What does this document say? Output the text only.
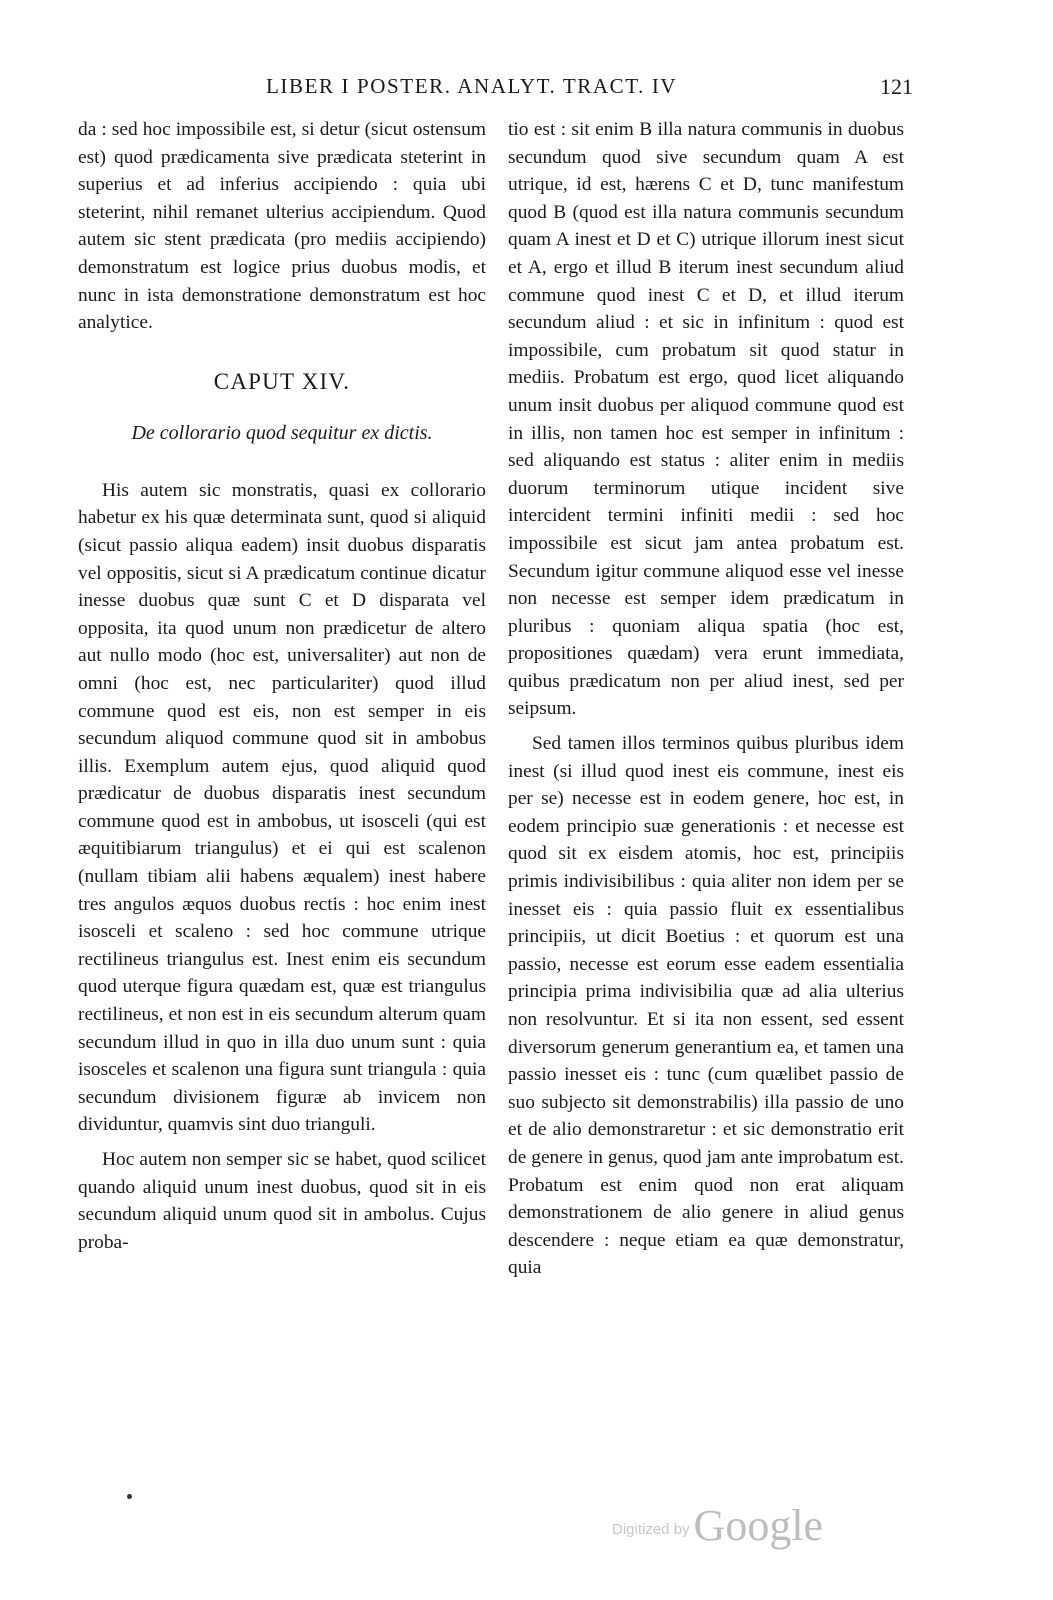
LIBER I POSTER. ANALYT. TRACT. IV	121

da : sed hoc impossibile est, si detur (sicut ostensum est) quod prædicamenta sive prædicata steterint in superius et ad inferius accipiendo : quia ubi steterint, nihil remanet ulterius accipiendum. Quod autem sic stent prædicata (pro mediis accipiendo) demonstratum est logice prius duobus modis, et nunc in ista demonstratione demonstratum est hoc analytice.

CAPUT XIV.
De collorario quod sequitur ex dictis.

His autem sic monstratis, quasi ex collorario habetur ex his quæ determinata sunt, quod si aliquid (sicut passio aliqua eadem) insit duobus disparatis vel oppositis, sicut si A prædicatum continue dicatur inesse duobus quæ sunt C et D disparata vel opposita, ita quod unum non prædicetur de altero aut nullo modo (hoc est, universaliter) aut non de omni (hoc est, nec particulariter) quod illud commune quod est eis, non est semper in eis secundum aliquod commune quod sit in ambobus illis. Exemplum autem ejus, quod aliquid quod prædicatur de duobus disparatis inest secundum commune quod est in ambobus, ut isosceli (qui est æquitibiarum triangulus) et ei qui est scalenon (nullam tibiam alii habens æqualem) inest habere tres angulos æquos duobus rectis : hoc enim inest isosceli et scaleno : sed hoc commune utrique rectilineus triangulus est. Inest enim eis secundum quod uterque figura quædam est, quæ est triangulus rectilineus, et non est in eis secundum alterum quam secundum illud in quo in illa duo unum sunt : quia isosceles et scalenon una figura sunt triangula : quia secundum divisionem figuræ ab invicem non dividuntur, quamvis sint duo trianguli.

Hoc autem non semper sic se habet, quod scilicet quando aliquid unum inest duobus, quod sit in eis secundum aliquid unum quod sit in ambolus. Cujus proba-

tio est : sit enim B illa natura communis in duobus secundum quod sive secundum quam A est utrique, id est, hærens C et D, tunc manifestum quod B (quod est illa natura communis secundum quam A inest et D et C) utrique illorum inest sicut et A, ergo et illud B iterum inest secundum aliud commune quod inest C et D, et illud iterum secundum aliud : et sic in infinitum : quod est impossibile, cum probatum sit quod statur in mediis. Probatum est ergo, quod licet aliquando unum insit duobus per aliquod commune quod est in illis, non tamen hoc est semper in infinitum : sed aliquando est status : aliter enim in mediis duorum terminorum utique incident sive intercident termini infiniti medii : sed hoc impossibile est sicut jam antea probatum est. Secundum igitur commune aliquod esse vel inesse non necesse est semper idem prædicatum in pluribus : quoniam aliqua spatia (hoc est, propositiones quædam) vera erunt immediata, quibus prædicatum non per aliud inest, sed per seipsum.

Sed tamen illos terminos quibus pluribus idem inest (si illud quod inest eis commune, inest eis per se) necesse est in eodem genere, hoc est, in eodem principio suæ generationis : et necesse est quod sit ex eisdem atomis, hoc est, principiis primis indivisibilibus : quia aliter non idem per se inesset eis : quia passio fluit ex essentialibus principiis, ut dicit Boetius : et quorum est una passio, necesse est eorum esse eadem essentialia principia prima indivisibilia quæ ad alia ulterius non resolvuntur. Et si ita non essent, sed essent diversorum generum generantium ea, et tamen una passio inesset eis : tunc (cum quælibet passio de suo subjecto sit demonstrabilis) illa passio de uno et de alio demonstraretur : et sic demonstratio erit de genere in genus, quod jam ante improbatum est. Probatum est enim quod non erat aliquam demonstrationem de alio genere in aliud genus descendere : neque etiam ea quæ demonstratur, quia

Digitized by Google
